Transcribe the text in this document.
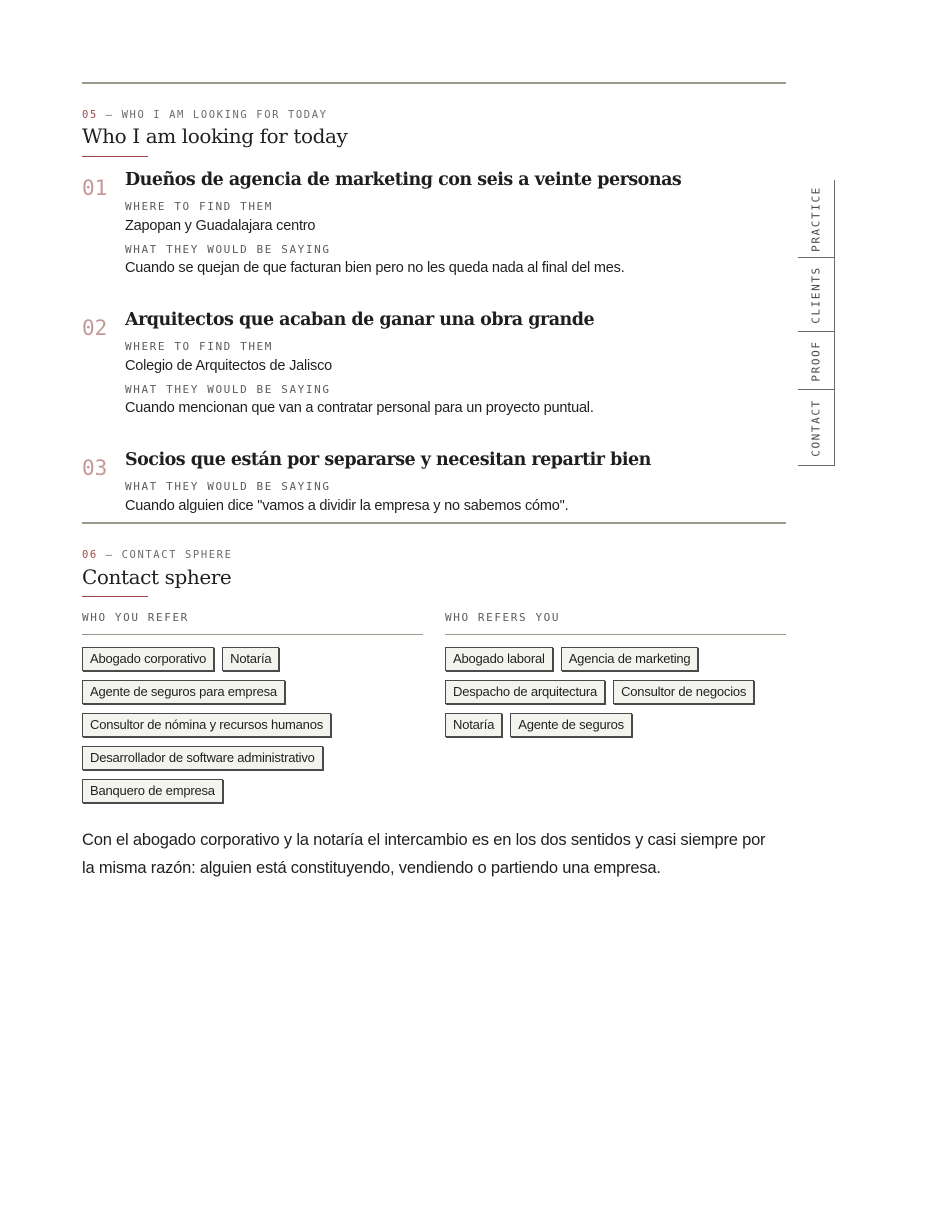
05 — WHO I AM LOOKING FOR TODAY
Who I am looking for today
01 Dueños de agencia de marketing con seis a veinte personas
WHERE TO FIND THEM
Zapopan y Guadalajara centro
WHAT THEY WOULD BE SAYING
Cuando se quejan de que facturan bien pero no les queda nada al final del mes.
02 Arquitectos que acaban de ganar una obra grande
WHERE TO FIND THEM
Colegio de Arquitectos de Jalisco
WHAT THEY WOULD BE SAYING
Cuando mencionan que van a contratar personal para un proyecto puntual.
03 Socios que están por separarse y necesitan repartir bien
WHAT THEY WOULD BE SAYING
Cuando alguien dice "vamos a dividir la empresa y no sabemos cómo".
06 — CONTACT SPHERE
Contact sphere
WHO YOU REFER
Abogado corporativo	Notaría
Agente de seguros para empresa
Consultor de nómina y recursos humanos
Desarrollador de software administrativo
Banquero de empresa
WHO REFERS YOU
Abogado laboral	Agencia de marketing
Despacho de arquitectura	Consultor de negocios
Notaría	Agente de seguros
Con el abogado corporativo y la notaría el intercambio es en los dos sentidos y casi siempre por la misma razón: alguien está constituyendo, vendiendo o partiendo una empresa.
PRACTICE
CLIENTS
PROOF
CONTACT
